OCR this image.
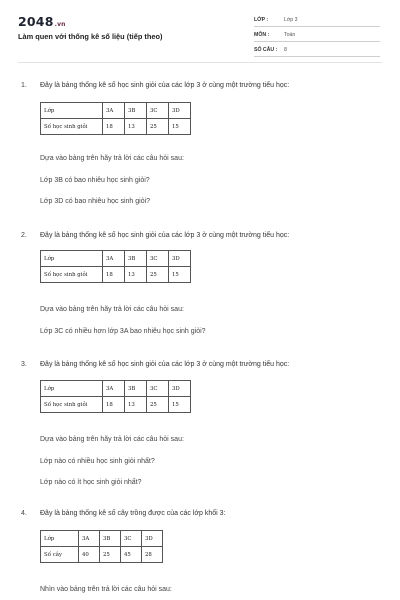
2048.vn
Làm quen với thống kê số liệu (tiếp theo)
LỚP :	Lớp 3
MÔN :	Toán
SỐ CÂU : 8
1. Đây là bảng thống kê số học sinh giỏi của các lớp 3 ở cùng một trường tiểu học:
Lớp	3A	3B	3C	3D
Số học sinh giỏi	18	13	25	15
Dựa vào bảng trên hãy trả lời các câu hỏi sau:
Lớp 3B có bao nhiêu học sinh giỏi?
Lớp 3D có bao nhiêu học sinh giỏi?
2. Đây là bảng thống kê số học sinh giỏi của các lớp 3 ở cùng một trường tiểu học:
Lớp	3A	3B	3C	3D
Số học sinh giỏi	18	13	25	15
Dựa vào bảng trên hãy trả lời các câu hỏi sau:
Lớp 3C có nhiều hơn lớp 3A bao nhiêu học sinh giỏi?
3. Đây là bảng thống kê số học sinh giỏi của các lớp 3 ở cùng một trường tiểu học:
Lớp	3A	3B	3C	3D
Số học sinh giỏi	18	13	25	15
Dựa vào bảng trên hãy trả lời các câu hỏi sau:
Lớp nào có nhiều học sinh giỏi nhất?
Lớp nào có ít học sinh giỏi nhất?
4. Đây là bảng thống kê số cây trồng được của các lớp khối 3:
Lớp	3A	3B	3C	3D
Số cây	40	25	45	28
Nhìn vào bảng trên trả lời các câu hỏi sau:
